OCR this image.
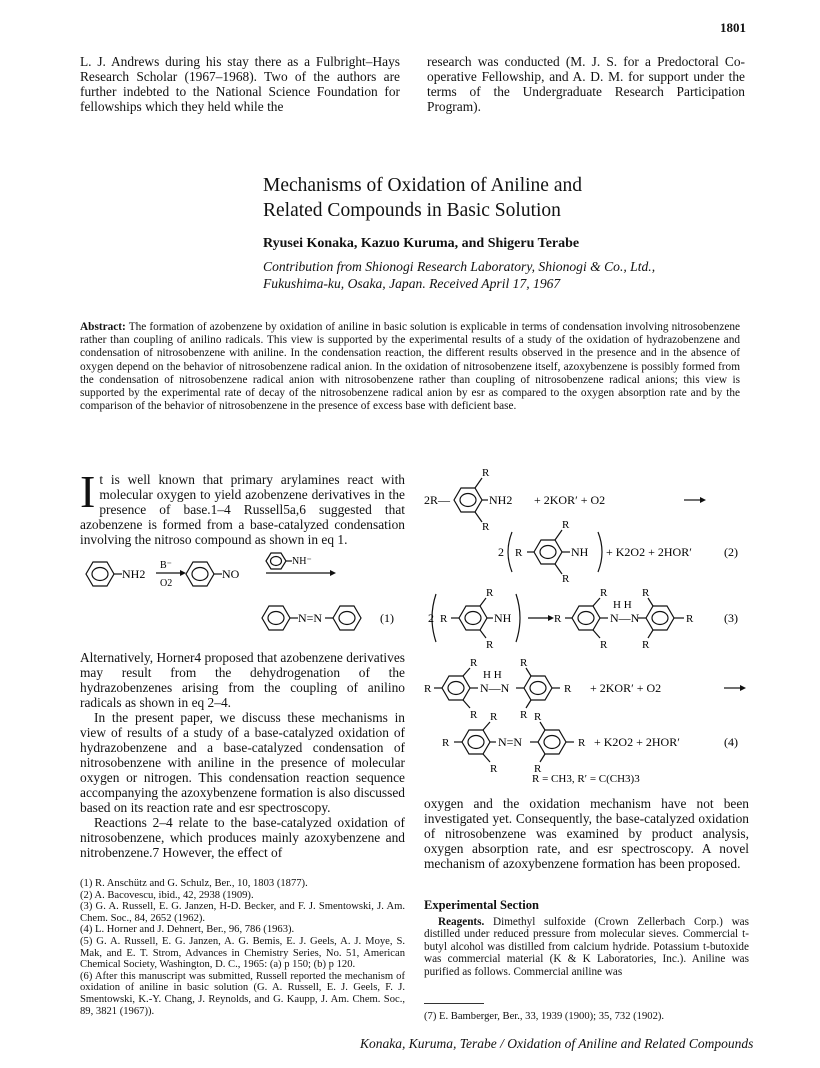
1801

L. J. Andrews during his stay there as a Fulbright–Hays Research Scholar (1967–1968). Two of the authors are further indebted to the National Science Foundation for fellowships which they held while the

research was conducted (M. J. S. for a Predoctoral Co-operative Fellowship, and A. D. M. for support under the terms of the Undergraduate Research Participation Program).

Mechanisms of Oxidation of Aniline and
Related Compounds in Basic Solution
Ryusei Konaka, Kazuo Kuruma, and Shigeru Terabe
Contribution from Shionogi Research Laboratory, Shionogi & Co., Ltd.,
Fukushima-ku, Osaka, Japan. Received April 17, 1967
Abstract: The formation of azobenzene by oxidation of aniline in basic solution is explicable in terms of condensation involving nitrosobenzene rather than coupling of anilino radicals. This view is supported by the experimental results of a study of the oxidation of hydrazobenzene and condensation of nitrosobenzene with aniline. In the condensation reaction, the different results observed in the presence and in the absence of oxygen depend on the behavior of nitrosobenzene radical anion. In the oxidation of nitrosobenzene itself, azoxybenzene is possibly formed from the condensation of nitrosobenzene radical anion with nitrosobenzene rather than coupling of nitrosobenzene radical anions; this view is supported by the experimental rate of decay of the nitrosobenzene radical anion by esr as compared to the oxygen absorption rate and by the comparison of the behavior of nitrosobenzene in the presence of excess base with deficient base.
I t is well known that primary arylamines react with molecular oxygen to yield azobenzene derivatives in the presence of base.1–4 Russell5a,6 suggested that azobenzene is formed from a base-catalyzed condensation involving the nitroso compound as shown in eq 1.
NH2
B⁻
O2
NO
NH⁻
N=N	(1)

Alternatively, Horner4 proposed that azobenzene derivatives may result from the dehydrogenation of the hydrazobenzenes arising from the coupling of anilino radicals as shown in eq 2–4.

In the present paper, we discuss these mechanisms in view of results of a study of a base-catalyzed oxidation of hydrazobenzene and a base-catalyzed condensation of nitrosobenzene with aniline in the presence of molecular oxygen or nitrogen. This condensation reaction sequence accompanying the azoxybenzene formation is also discussed based on its reaction rate and esr spectroscopy.

Reactions 2–4 relate to the base-catalyzed oxidation of nitrosobenzene, which produces mainly azoxybenzene and nitrobenzene.7 However, the effect of

(1) R. Anschütz and G. Schulz, Ber., 10, 1803 (1877).

(2) A. Bacovescu, ibid., 42, 2938 (1909).

(3) G. A. Russell, E. G. Janzen, H-D. Becker, and F. J. Smentowski, J. Am. Chem. Soc., 84, 2652 (1962).

(4) L. Horner and J. Dehnert, Ber., 96, 786 (1963).

(5) G. A. Russell, E. G. Janzen, A. G. Bemis, E. J. Geels, A. J. Moye, S. Mak, and E. T. Strom, Advances in Chemistry Series, No. 51, American Chemical Society, Washington, D. C., 1965: (a) p 150; (b) p 120.

(6) After this manuscript was submitted, Russell reported the mechanism of oxidation of aniline in basic solution (G. A. Russell, E. J. Geels, F. J. Smentowski, K.-Y. Chang, J. Reynolds, and G. Kaupp, J. Am. Chem. Soc., 89, 3821 (1967)).

2R—
R
R
NH2 + 2KOR′ + O2
2 R
R
R
NH + K2O2 + 2HOR′	(2)
2 R
R
R
NH	R
R
R
H H
N—N
R
R
R	(3)
R
R
R
H H
N—N
R
R
R + 2KOR′ + O2
R
R
R
N=N
R
R
R + K2O2 + 2HOR′	(4)
R = CH3, R′ = C(CH3)3

oxygen and the oxidation mechanism have not been investigated yet. Consequently, the base-catalyzed oxidation of nitrosobenzene was examined by product analysis, oxygen absorption rate, and esr spectroscopy. A novel mechanism of azoxybenzene formation has been proposed.

Experimental Section

Reagents. Dimethyl sulfoxide (Crown Zellerbach Corp.) was distilled under reduced pressure from molecular sieves. Commercial t-butyl alcohol was distilled from calcium hydride. Potassium t-butoxide was commercial material (K & K Laboratories, Inc.). Aniline was purified as follows. Commercial aniline was

(7) E. Bamberger, Ber., 33, 1939 (1900); 35, 732 (1902).

Konaka, Kuruma, Terabe / Oxidation of Aniline and Related Compounds
